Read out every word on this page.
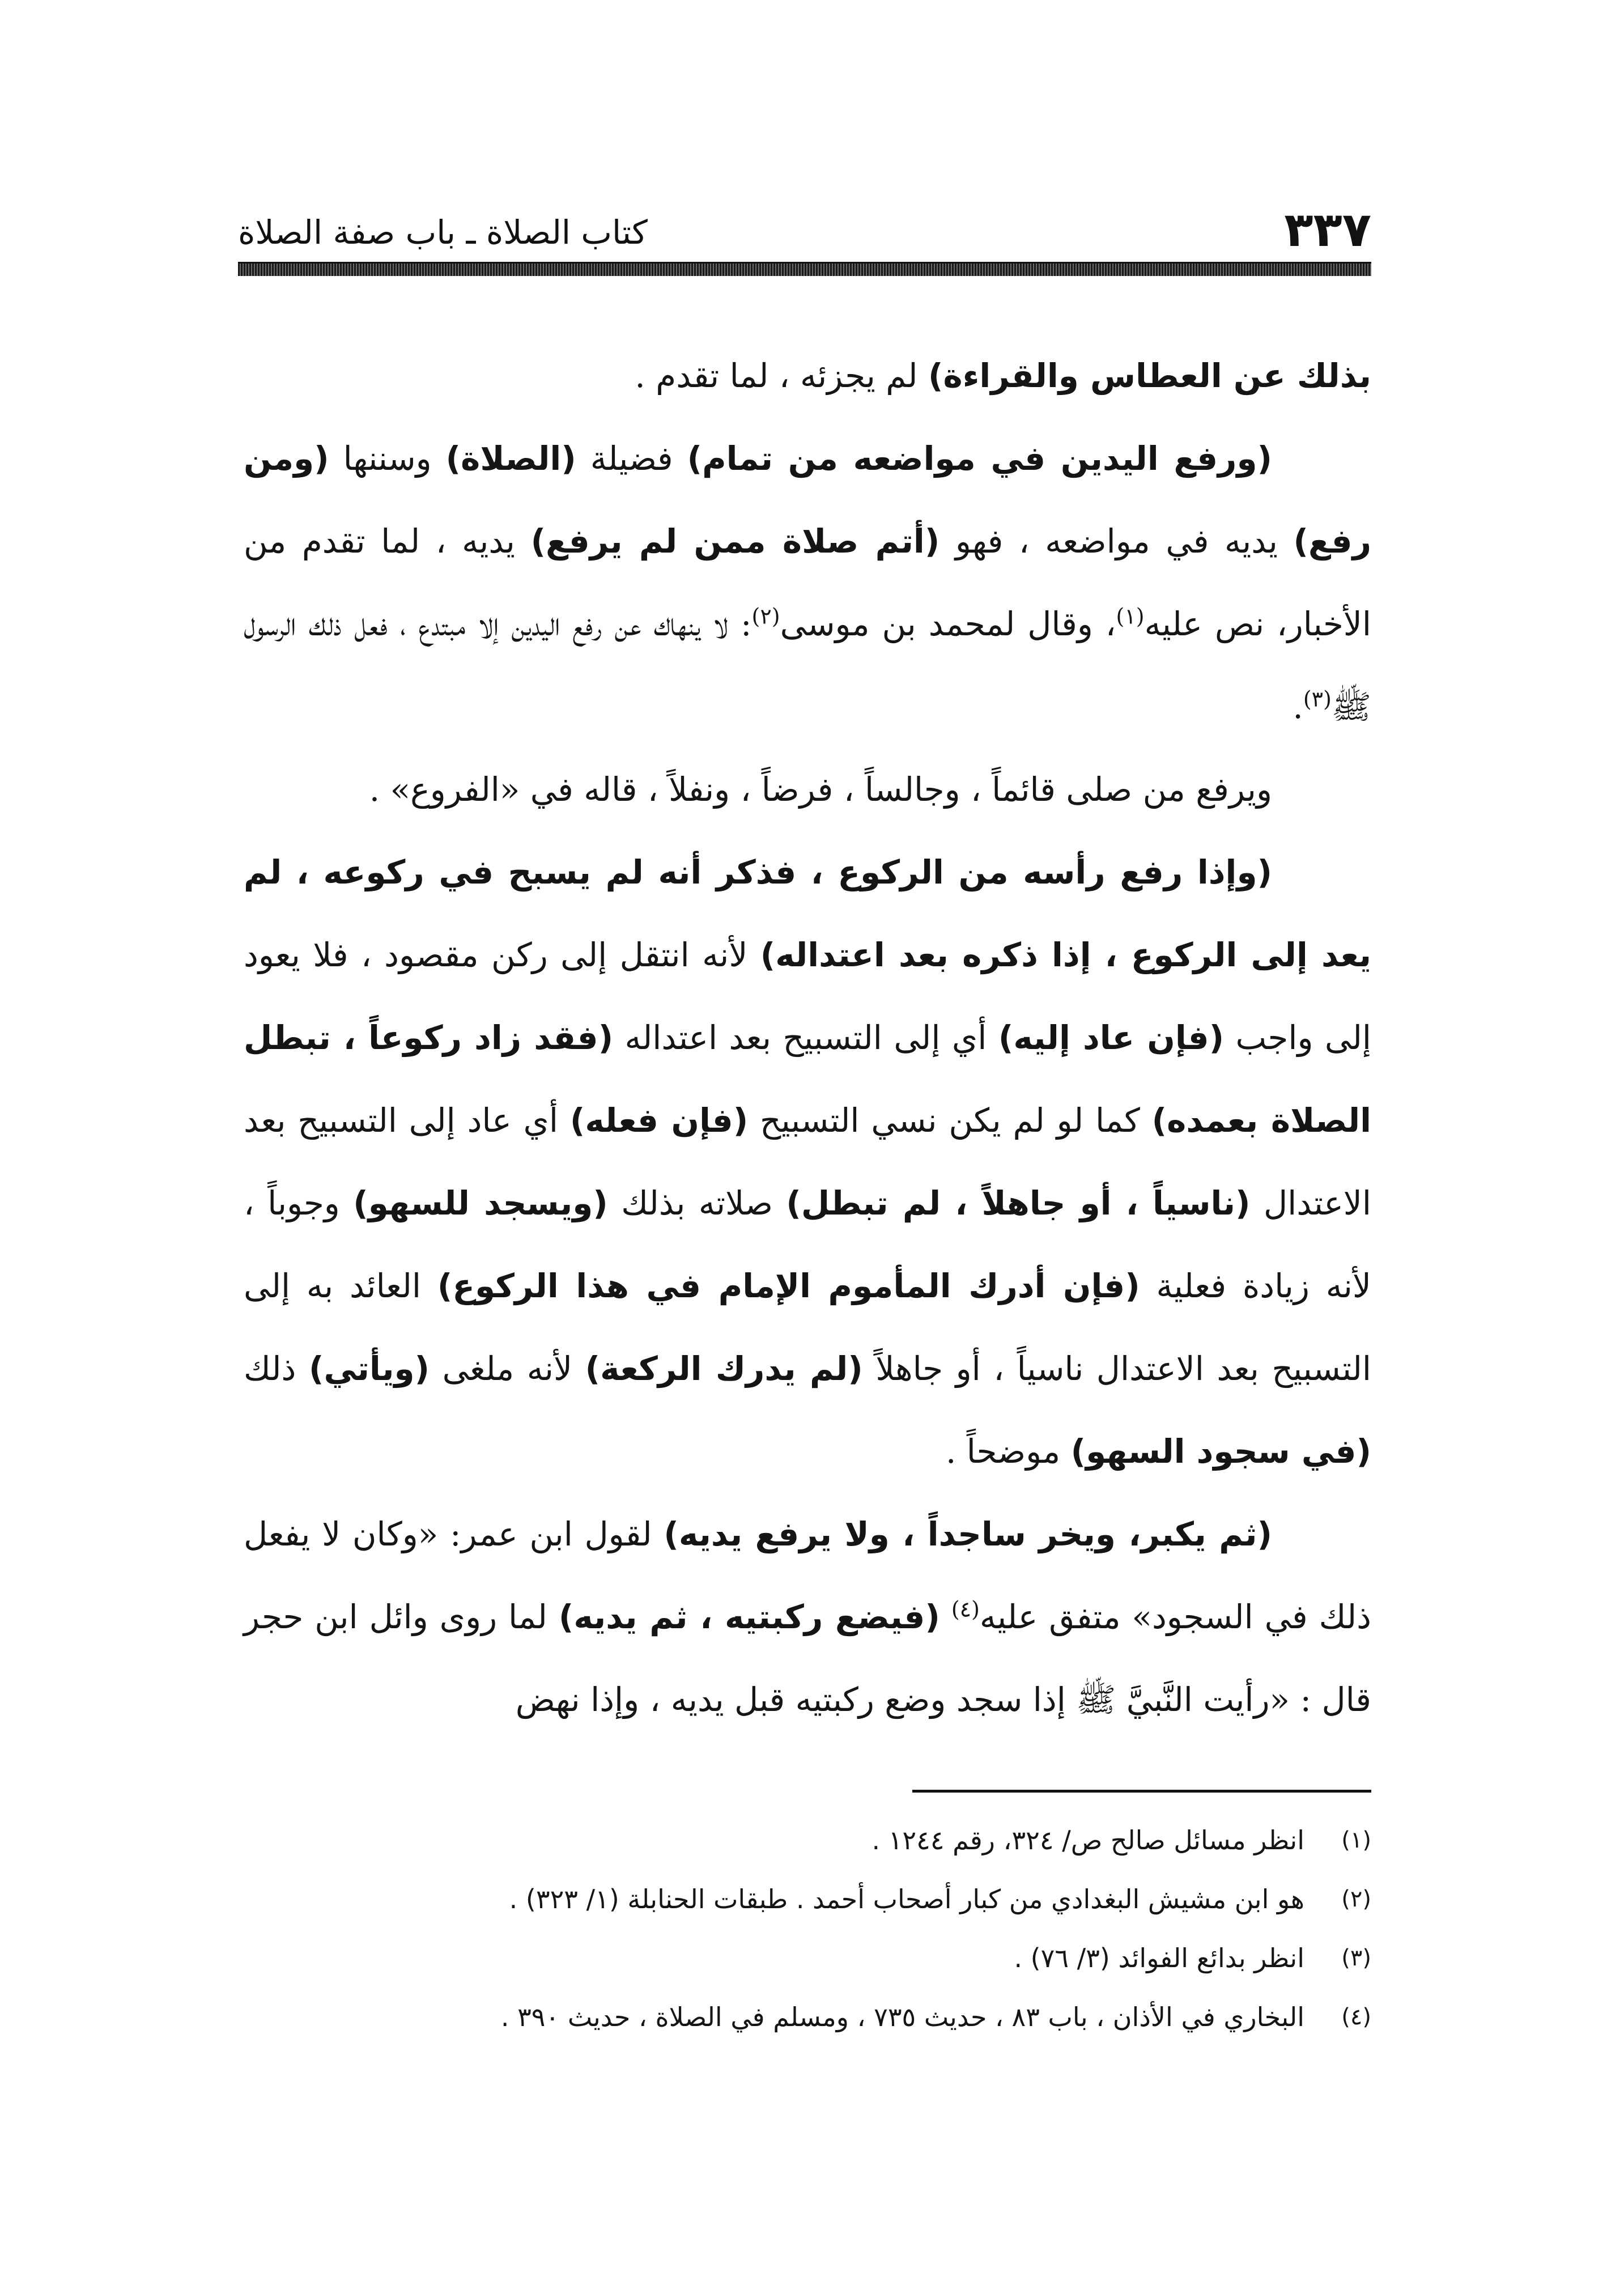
٣٣٧
كتاب الصلاة ـ باب صفة الصلاة

بذلك عن العطاس والقراءة) لم يجزئه ، لما تقدم .

(ورفع اليدين في مواضعه من تمام) فضيلة (الصلاة) وسننها (ومن رفع) يديه في مواضعه ، فهو (أتم صلاة ممن لم يرفع) يديه ، لما تقدم من الأخبار، نص عليه$^{(١)}$، وقال لمحمد بن موسى$^{(٢)}$: لا ينهاك عن رفع اليدين إلا مبتدع ، فعل ذلك الرسول ﷺ$^{(٣)}$.

ويرفع من صلى قائماً ، وجالساً ، فرضاً ، ونفلاً ، قاله في «الفروع» .

(وإذا رفع رأسه من الركوع ، فذكر أنه لم يسبح في ركوعه ، لم يعد إلى الركوع ، إذا ذكره بعد اعتداله) لأنه انتقل إلى ركن مقصود ، فلا يعود إلى واجب (فإن عاد إليه) أي إلى التسبيح بعد اعتداله (فقد زاد ركوعاً ، تبطل الصلاة بعمده) كما لو لم يكن نسي التسبيح (فإن فعله) أي عاد إلى التسبيح بعد الاعتدال (ناسياً ، أو جاهلاً ، لم تبطل) صلاته بذلك (ويسجد للسهو) وجوباً ، لأنه زيادة فعلية (فإن أدرك المأموم الإمام في هذا الركوع) العائد به إلى التسبيح بعد الاعتدال ناسياً ، أو جاهلاً (لم يدرك الركعة) لأنه ملغى (ويأتي) ذلك (في سجود السهو) موضحاً .

(ثم يكبر، ويخر ساجداً ، ولا يرفع يديه) لقول ابن عمر: «وكان لا يفعل ذلك في السجود» متفق عليه$^{(٤)}$ (فيضع ركبتيه ، ثم يديه) لما روى وائل ابن حجر قال : «رأيت النَّبيَّ ﷺ إذا سجد وضع ركبتيه قبل يديه ، وإذا نهض

(١)
انظر مسائل صالح ص/ ٣٢٤، رقم ١٢٤٤ .
(٢)
هو ابن مشيش البغدادي من كبار أصحاب أحمد . طبقات الحنابلة (١/ ٣٢٣) .
(٣)
انظر بدائع الفوائد (٣/ ٧٦) .
(٤)
البخاري في الأذان ، باب ٨٣ ، حديث ٧٣٥ ، ومسلم في الصلاة ، حديث ٣٩٠ .
